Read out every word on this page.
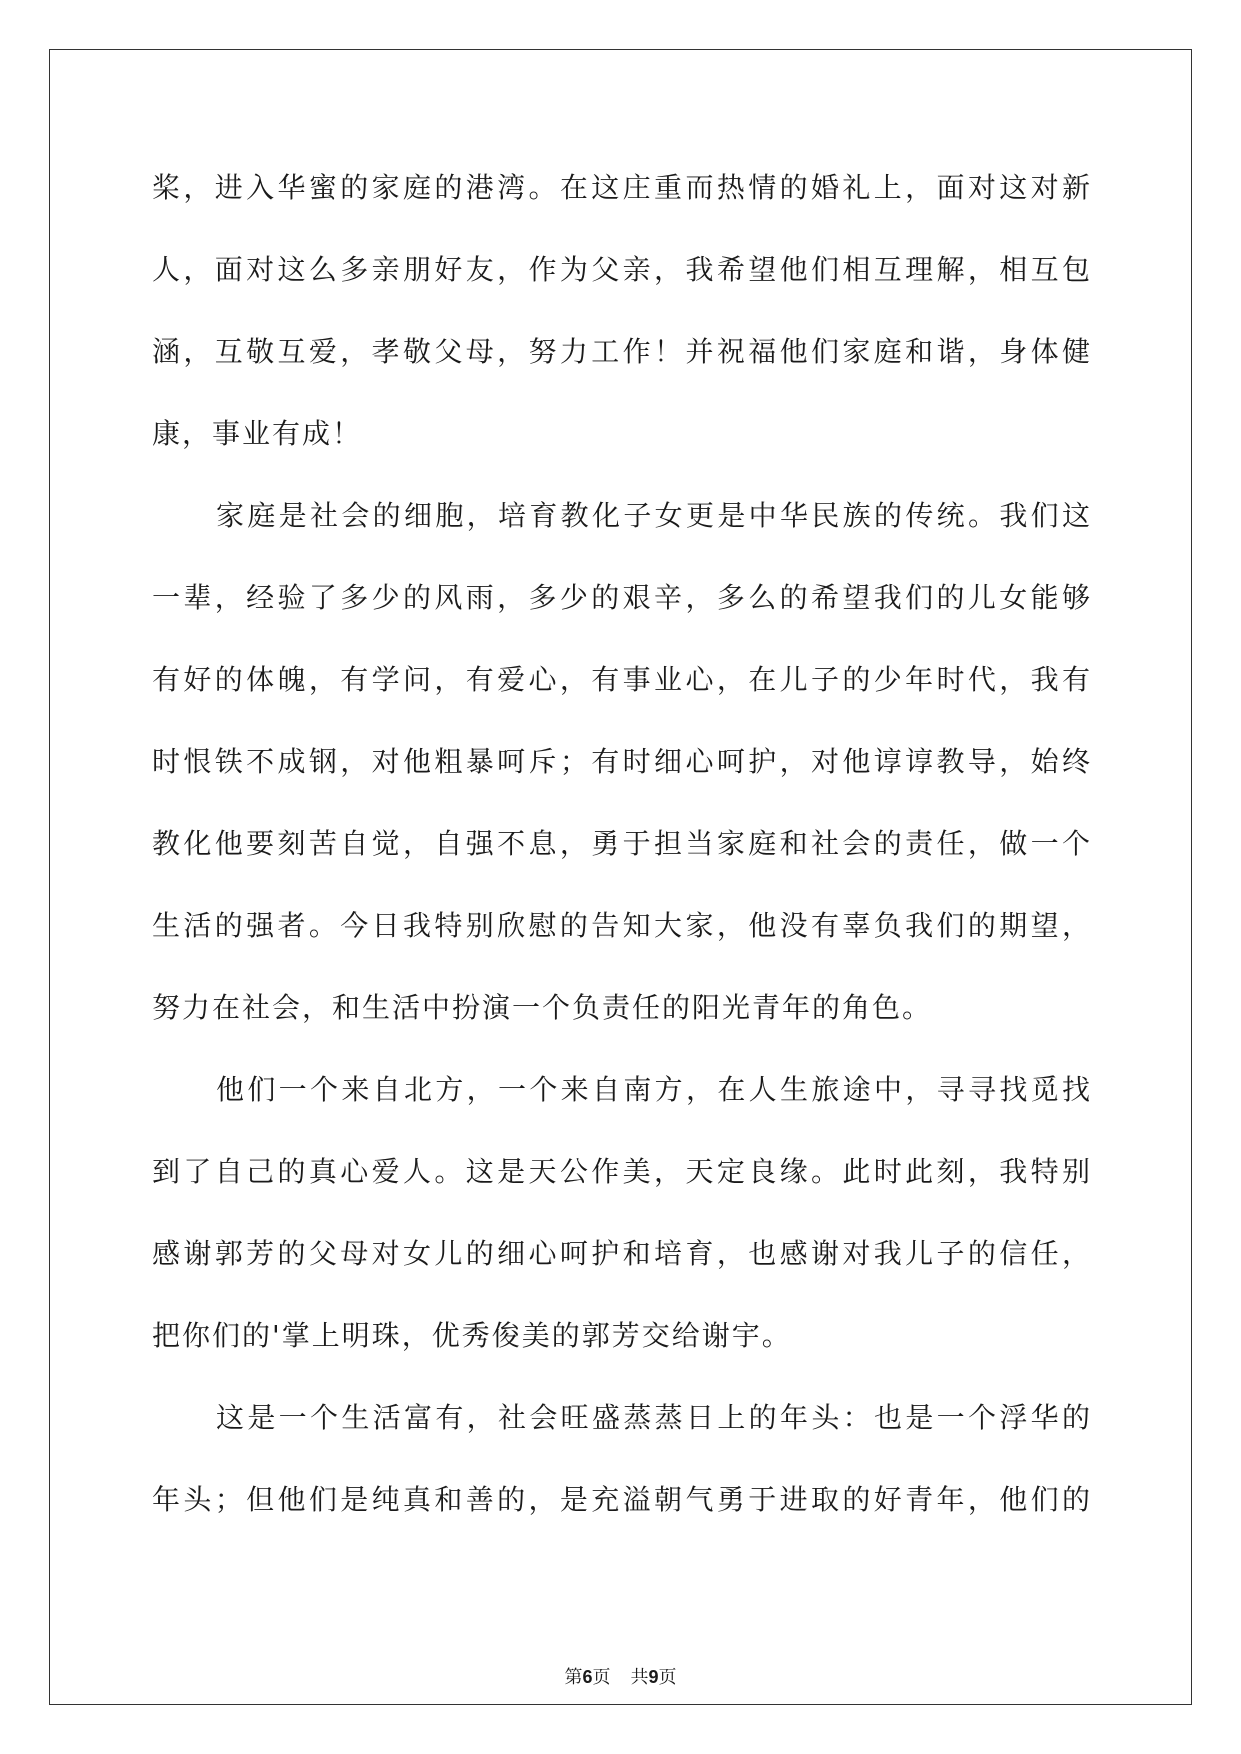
桨，进入华蜜的家庭的港湾。在这庄重而热情的婚礼上，面对这对新
人，面对这么多亲朋好友，作为父亲，我希望他们相互理解，相互包
涵，互敬互爱，孝敬父母，努力工作！并祝福他们家庭和谐，身体健
康，事业有成！
家庭是社会的细胞，培育教化子女更是中华民族的传统。我们这
一辈，经验了多少的风雨，多少的艰辛，多么的希望我们的儿女能够
有好的体魄，有学问，有爱心，有事业心，在儿子的少年时代，我有
时恨铁不成钢，对他粗暴呵斥；有时细心呵护，对他谆谆教导，始终
教化他要刻苦自觉，自强不息，勇于担当家庭和社会的责任，做一个
生活的强者。今日我特别欣慰的告知大家，他没有辜负我们的期望，
努力在社会，和生活中扮演一个负责任的阳光青年的角色。
他们一个来自北方，一个来自南方，在人生旅途中，寻寻找觅找
到了自己的真心爱人。这是天公作美，天定良缘。此时此刻，我特别
感谢郭芳的父母对女儿的细心呵护和培育，也感谢对我儿子的信任，
把你们的'掌上明珠，优秀俊美的郭芳交给谢宇。
这是一个生活富有，社会旺盛蒸蒸日上的年头：也是一个浮华的
年头；但他们是纯真和善的，是充溢朝气勇于进取的好青年，他们的
第6页 共9页
